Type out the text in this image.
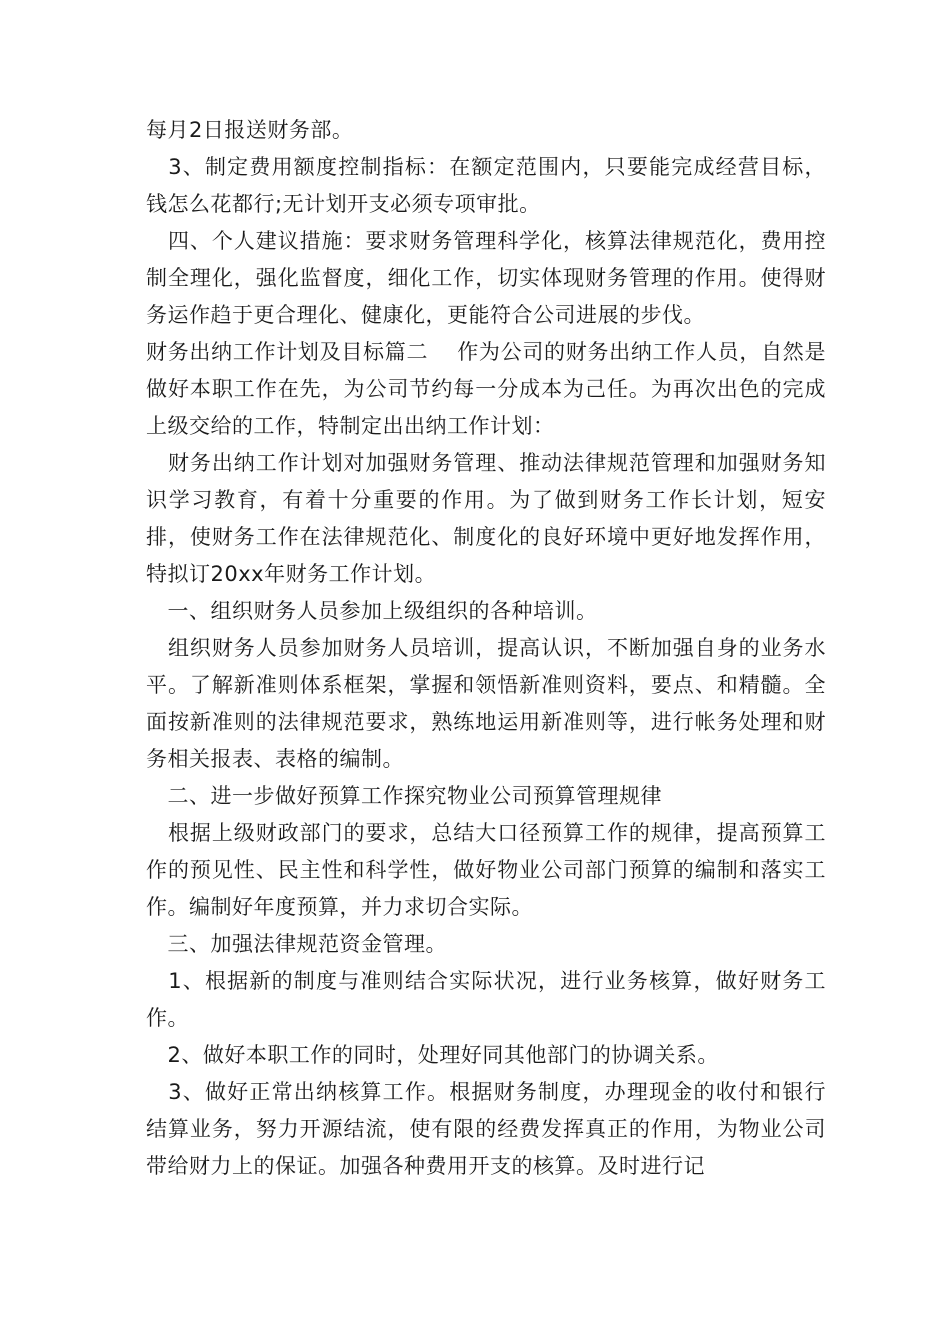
每月2日报送财务部。

　3、制定费用额度控制指标：在额定范围内，只要能完成经营目标，钱怎么花都行;无计划开支必须专项审批。

　四、个人建议措施：要求财务管理科学化，核算法律规范化，费用控制全理化，强化监督度，细化工作，切实体现财务管理的作用。使得财务运作趋于更合理化、健康化，更能符合公司进展的步伐。

财务出纳工作计划及目标篇二　 作为公司的财务出纳工作人员，自然是做好本职工作在先，为公司节约每一分成本为己任。为再次出色的完成上级交给的工作，特制定出出纳工作计划：

　财务出纳工作计划对加强财务管理、推动法律规范管理和加强财务知识学习教育，有着十分重要的作用。为了做到财务工作长计划，短安排，使财务工作在法律规范化、制度化的良好环境中更好地发挥作用，特拟订20xx年财务工作计划。

　一、组织财务人员参加上级组织的各种培训。

　组织财务人员参加财务人员培训，提高认识，不断加强自身的业务水平。了解新准则体系框架，掌握和领悟新准则资料，要点、和精髓。全面按新准则的法律规范要求，熟练地运用新准则等，进行帐务处理和财务相关报表、表格的编制。

　二、进一步做好预算工作探究物业公司预算管理规律

　根据上级财政部门的要求，总结大口径预算工作的规律，提高预算工作的预见性、民主性和科学性，做好物业公司部门预算的编制和落实工作。编制好年度预算，并力求切合实际。

　三、加强法律规范资金管理。

　1、根据新的制度与准则结合实际状况，进行业务核算，做好财务工作。

　2、做好本职工作的同时，处理好同其他部门的协调关系。

　3、做好正常出纳核算工作。根据财务制度，办理现金的收付和银行结算业务，努力开源结流，使有限的经费发挥真正的作用，为物业公司带给财力上的保证。加强各种费用开支的核算。及时进行记
